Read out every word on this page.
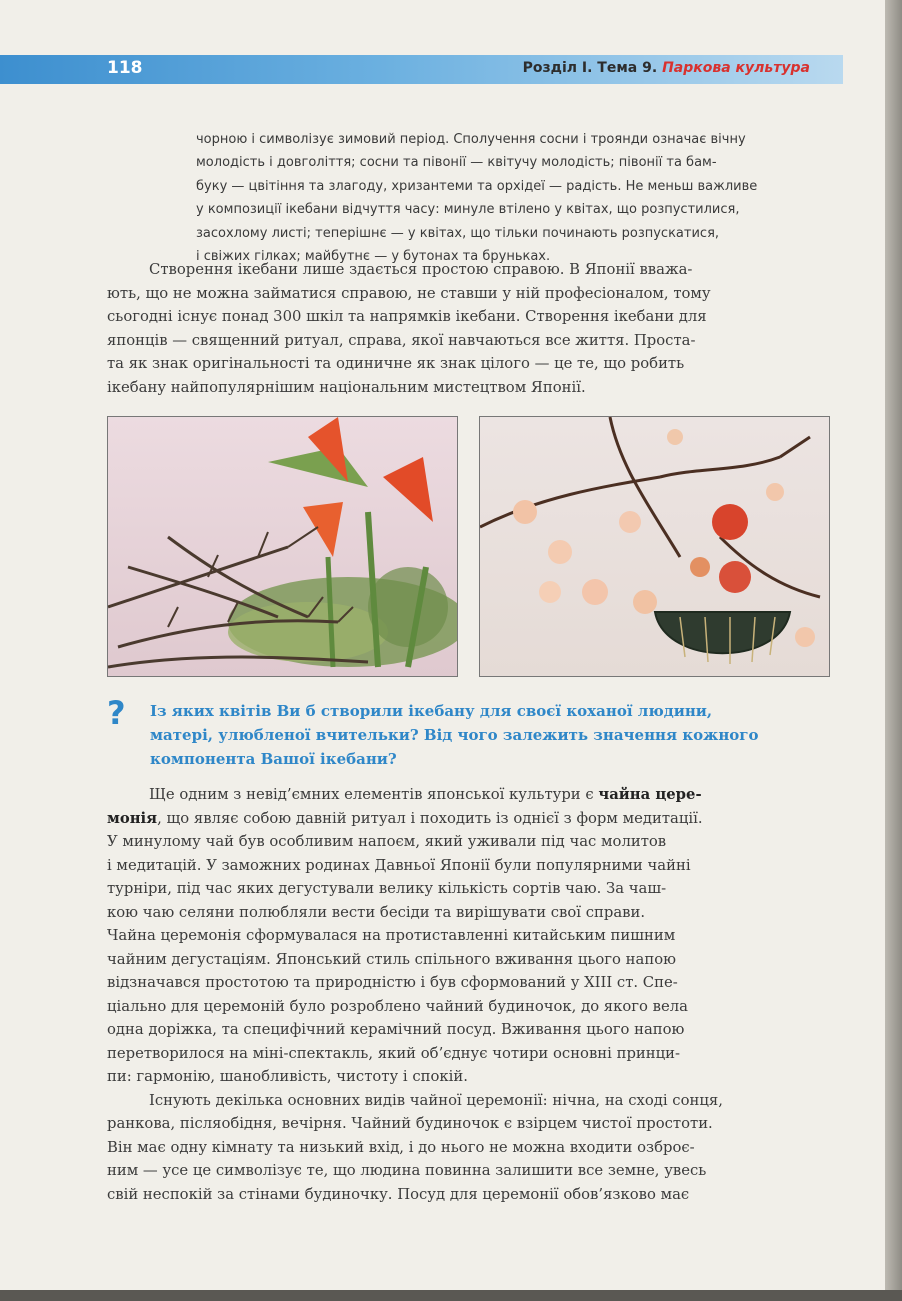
118	Розділ I. Тема 9. Паркова культура

чорною і символізує зимовий період. Сполучення сосни і троянди означає вічну

молодість і довголіття; сосни та півонії — квітучу молодість; півонії та бам-

буку — цвітіння та злагоду, хризантеми та орхідеї — радість. Не меньш важливе

у композиції ікебани відчуття часу: минуле втілено у квітах, що розпустилися,

засохлому листі; теперішнє — у квітах, що тільки починають розпускатися,

і свіжих гілках; майбутнє — у бутонах та бруньках.

Створення ікебани лише здається простою справою. В Японії вважа-

ють, що не можна займатися справою, не ставши у ній професіоналом, тому

сьогодні існує понад 300 шкіл та напрямків ікебани. Створення ікебани для

японців — священний ритуал, справа, якої навчаються все життя. Проста-

та як знак оригінальності та одиничне як знак цілого — це те, що робить

ікебану найпопулярнішим національним мистецтвом Японії.

? Із яких квітів Ви б створили ікебану для своєї коханої людини,
матері, улюбленої вчительки? Від чого залежить значення кожного
компонента Вашої ікебани?

Ще одним з невід’ємних елементів японської культури є чайна цере-

монія, що являє собою давній ритуал і походить із однієї з форм медитації.

У минулому чай був особливим напоєм, який уживали під час молитов

і медитацій. У заможних родинах Давньої Японії були популярними чайні

турніри, під час яких дегустували велику кількість сортів чаю. За чаш-

кою чаю селяни полюбляли вести бесіди та вирішувати свої справи.

Чайна церемонія сформувалася на протиставленні китайським пишним

чайним дегустаціям. Японський стиль спільного вживання цього напою

відзначався простотою та природністю і був сформований у XIII ст. Спе-

ціально для церемоній було розроблено чайний будиночок, до якого вела

одна доріжка, та специфічний керамічний посуд. Вживання цього напою

перетворилося на міні-спектакль, який об’єднує чотири основні принци-

пи: гармонію, шанобливість, чистоту і спокій.

Існують декілька основних видів чайної церемонії: нічна, на сході сонця,

ранкова, післяобідня, вечірня. Чайний будиночок є взірцем чистої простоти.

Він має одну кімнату та низький вхід, і до нього не можна входити озброє-

ним — усе це символізує те, що людина повинна залишити все земне, увесь

свій неспокій за стінами будиночку. Посуд для церемонії обов’язково має
